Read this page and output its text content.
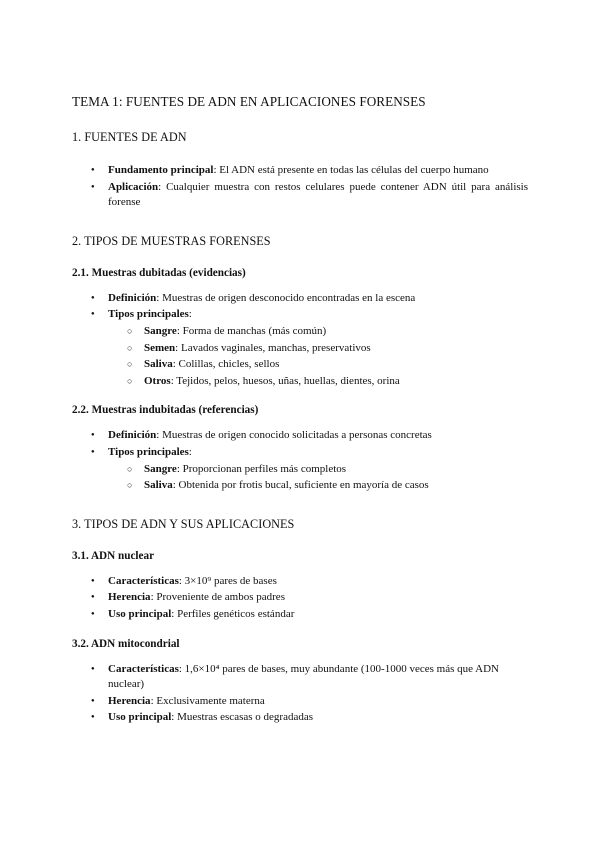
TEMA 1: FUENTES DE ADN EN APLICACIONES FORENSES
1. FUENTES DE ADN
● Fundamento principal: El ADN está presente en todas las células del cuerpo humano
● Aplicación: Cualquier muestra con restos celulares puede contener ADN útil para análisis forense
2. TIPOS DE MUESTRAS FORENSES
2.1. Muestras dubitadas (evidencias)
● Definición: Muestras de origen desconocido encontradas en la escena
● Tipos principales:
○ Sangre: Forma de manchas (más común)
○ Semen: Lavados vaginales, manchas, preservativos
○ Saliva: Colillas, chicles, sellos
○ Otros: Tejidos, pelos, huesos, uñas, huellas, dientes, orina
2.2. Muestras indubitadas (referencias)
● Definición: Muestras de origen conocido solicitadas a personas concretas
● Tipos principales:
○ Sangre: Proporcionan perfiles más completos
○ Saliva: Obtenida por frotis bucal, suficiente en mayoría de casos
3. TIPOS DE ADN Y SUS APLICACIONES
3.1. ADN nuclear
● Características: 3×10⁹ pares de bases
● Herencia: Proveniente de ambos padres
● Uso principal: Perfiles genéticos estándar
3.2. ADN mitocondrial
● Características: 1,6×10⁴ pares de bases, muy abundante (100-1000 veces más que ADN nuclear)
● Herencia: Exclusivamente materna
● Uso principal: Muestras escasas o degradadas
